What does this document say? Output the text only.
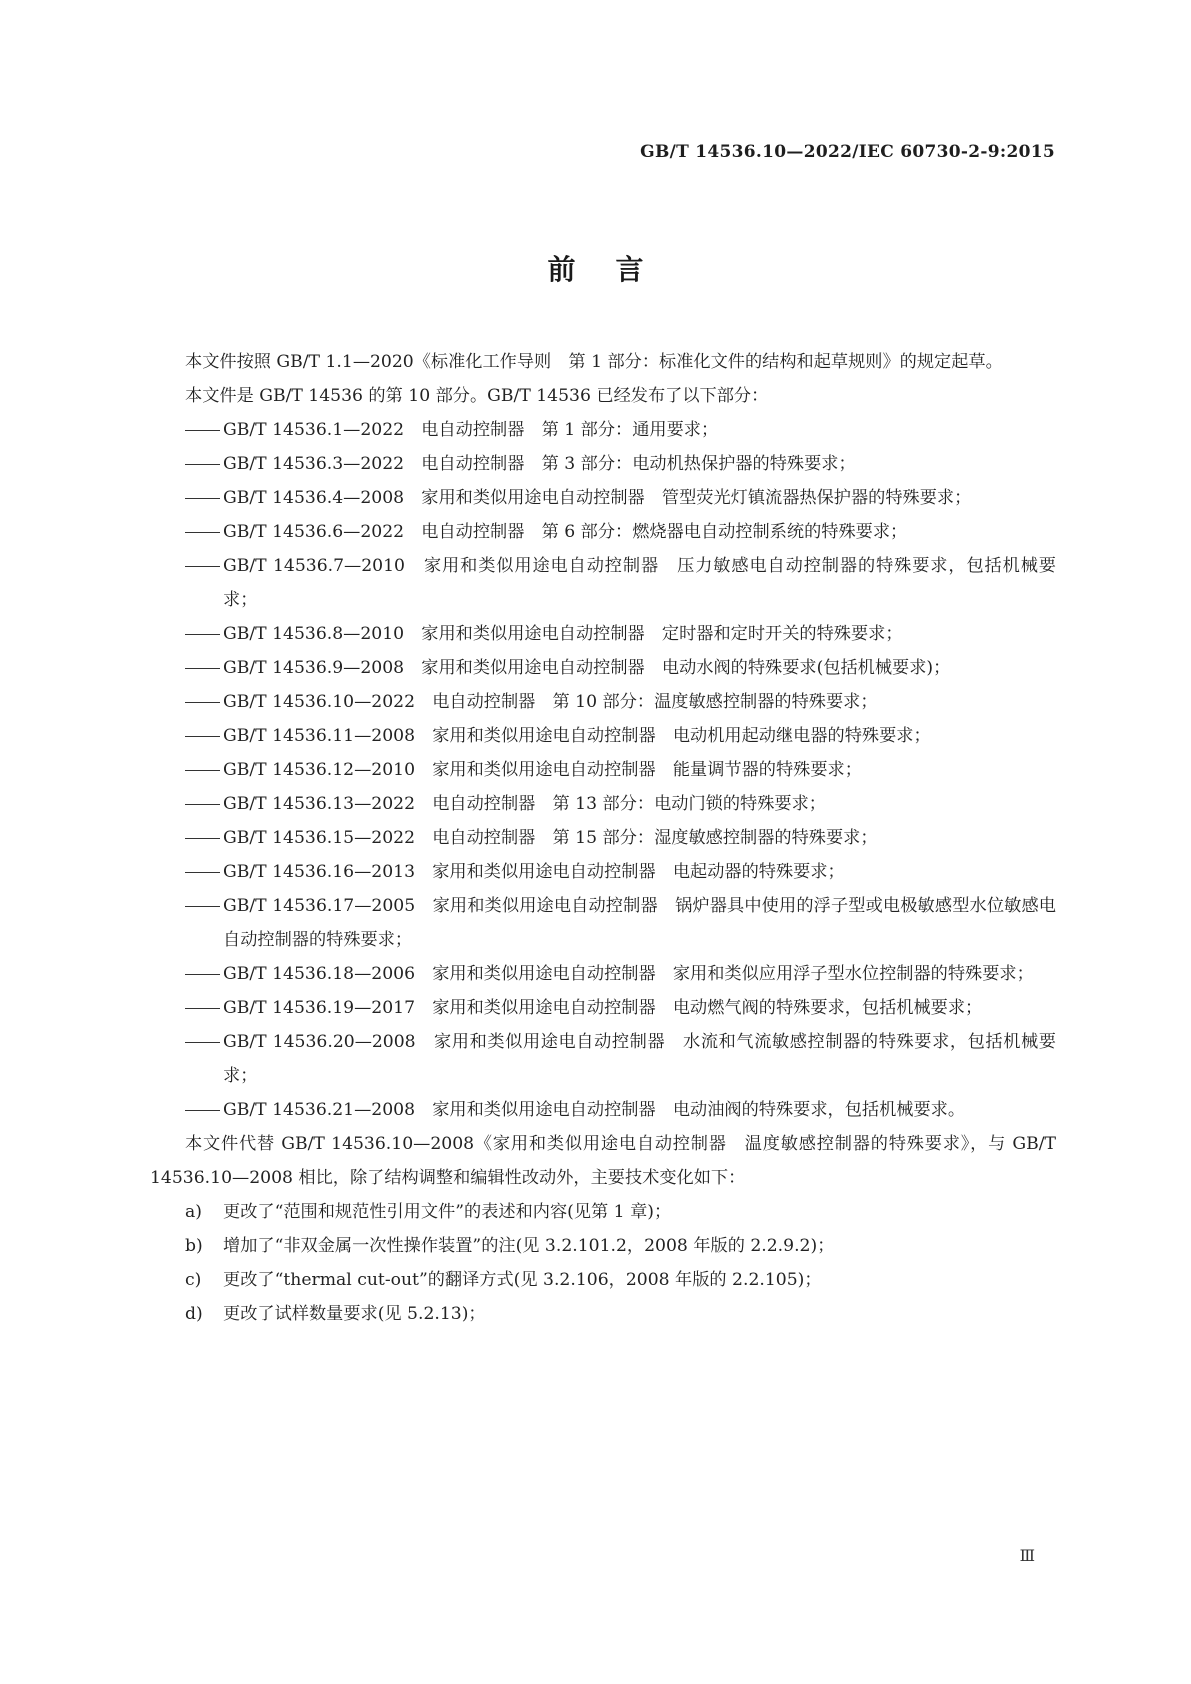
GB/T 14536.10—2022/IEC 60730-2-9:2015
前言

本文件按照 GB/T 1.1—2020《标准化工作导则　第 1 部分：标准化文件的结构和起草规则》的规定起草。

本文件是 GB/T 14536 的第 10 部分。GB/T 14536 已经发布了以下部分：

GB/T 14536.1—2022　电自动控制器　第 1 部分：通用要求；
GB/T 14536.3—2022　电自动控制器　第 3 部分：电动机热保护器的特殊要求；
GB/T 14536.4—2008　家用和类似用途电自动控制器　管型荧光灯镇流器热保护器的特殊要求；
GB/T 14536.6—2022　电自动控制器　第 6 部分：燃烧器电自动控制系统的特殊要求；
GB/T 14536.7—2010　家用和类似用途电自动控制器　压力敏感电自动控制器的特殊要求，包括机械要求；
GB/T 14536.8—2010　家用和类似用途电自动控制器　定时器和定时开关的特殊要求；
GB/T 14536.9—2008　家用和类似用途电自动控制器　电动水阀的特殊要求(包括机械要求)；
GB/T 14536.10—2022　电自动控制器　第 10 部分：温度敏感控制器的特殊要求；
GB/T 14536.11—2008　家用和类似用途电自动控制器　电动机用起动继电器的特殊要求；
GB/T 14536.12—2010　家用和类似用途电自动控制器　能量调节器的特殊要求；
GB/T 14536.13—2022　电自动控制器　第 13 部分：电动门锁的特殊要求；
GB/T 14536.15—2022　电自动控制器　第 15 部分：湿度敏感控制器的特殊要求；
GB/T 14536.16—2013　家用和类似用途电自动控制器　电起动器的特殊要求；
GB/T 14536.17—2005　家用和类似用途电自动控制器　锅炉器具中使用的浮子型或电极敏感型水位敏感电自动控制器的特殊要求；
GB/T 14536.18—2006　家用和类似用途电自动控制器　家用和类似应用浮子型水位控制器的特殊要求；
GB/T 14536.19—2017　家用和类似用途电自动控制器　电动燃气阀的特殊要求，包括机械要求；
GB/T 14536.20—2008　家用和类似用途电自动控制器　水流和气流敏感控制器的特殊要求，包括机械要求；
GB/T 14536.21—2008　家用和类似用途电自动控制器　电动油阀的特殊要求，包括机械要求。

本文件代替 GB/T 14536.10—2008《家用和类似用途电自动控制器　温度敏感控制器的特殊要求》，与 GB/T 14536.10—2008 相比，除了结构调整和编辑性改动外，主要技术变化如下：

a) 更改了“范围和规范性引用文件”的表述和内容(见第 1 章)；
b) 增加了“非双金属一次性操作装置”的注(见 3.2.101.2，2008 年版的 2.2.9.2)；
c) 更改了“thermal cut-out”的翻译方式(见 3.2.106，2008 年版的 2.2.105)；
d) 更改了试样数量要求(见 5.2.13)；
Ⅲ
